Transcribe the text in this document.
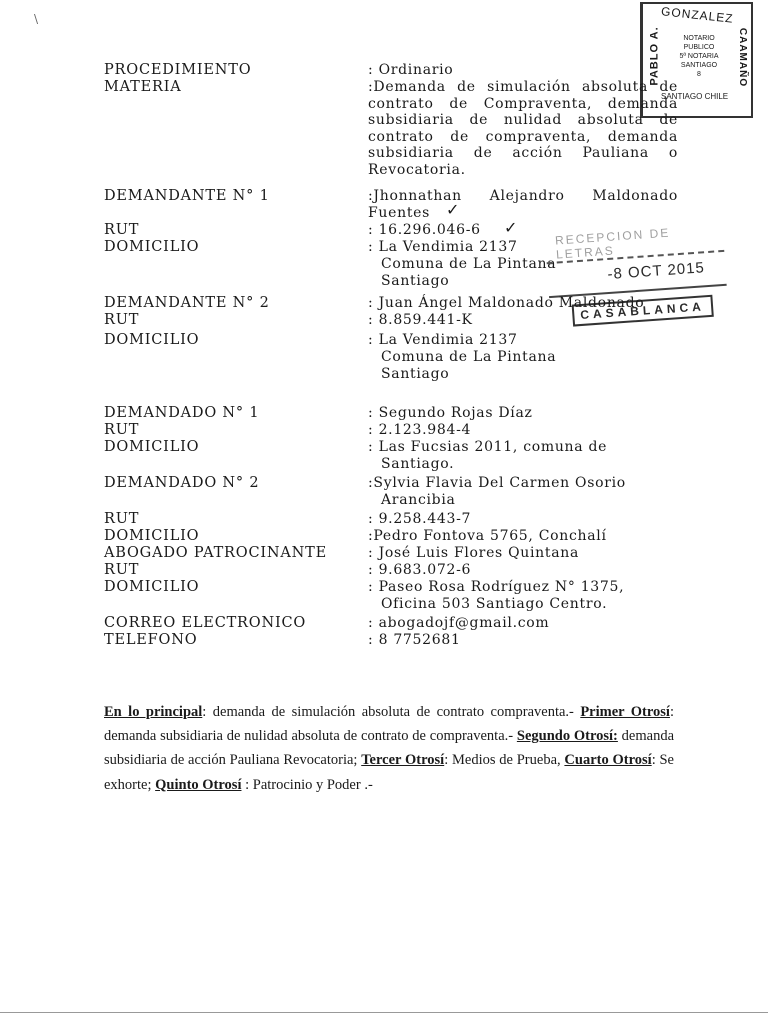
\	GONZALEZ
PABLO A.	CAAMAÑO
NOTARIO PUBLICO
5ª NOTARIA
SANTIAGO
8
SANTIAGO CHILE
PROCEDIMIENTO	: Ordinario
MATERIA	:Demanda de simulación absoluta de contrato de Compraventa, demanda subsidiaria de nulidad absoluta de contrato de compraventa, demanda subsidiaria de acción Pauliana o Revocatoria.
DEMANDANTE N° 1	:Jhonnathan Alejandro Maldonado Fuentes ✓
RUT	: 16.296.046-6 ✓
DOMICILIO	: La Vendimia 2137
Comuna de La Pintana
Santiago
RECEPCION DE LETRAS
-8 OCT 2015
CASABLANCA
DEMANDANTE N° 2	: Juan Ángel Maldonado Maldonado
RUT	: 8.859.441-K
DOMICILIO	: La Vendimia 2137
Comuna de La Pintana
Santiago
DEMANDADO N° 1	: Segundo Rojas Díaz
RUT	: 2.123.984-4
DOMICILIO	: Las Fucsias 2011, comuna de
Santiago.
DEMANDADO N° 2	:Sylvia Flavia Del Carmen Osorio
Arancibia
RUT	: 9.258.443-7
DOMICILIO	:Pedro Fontova 5765, Conchalí
ABOGADO PATROCINANTE	: José Luis Flores Quintana
RUT	: 9.683.072-6
DOMICILIO	: Paseo Rosa Rodríguez N° 1375,
Oficina 503 Santiago Centro.
CORREO ELECTRONICO	: abogadojf@gmail.com
TELEFONO	: 8 7752681
En lo principal: demanda de simulación absoluta de contrato compraventa.- Primer Otrosí: demanda subsidiaria de nulidad absoluta de contrato de compraventa.- Segundo Otrosí: demanda subsidiaria de acción Pauliana Revocatoria; Tercer Otrosí: Medios de Prueba, Cuarto Otrosí: Se exhorte; Quinto Otrosí : Patrocinio y Poder .-
